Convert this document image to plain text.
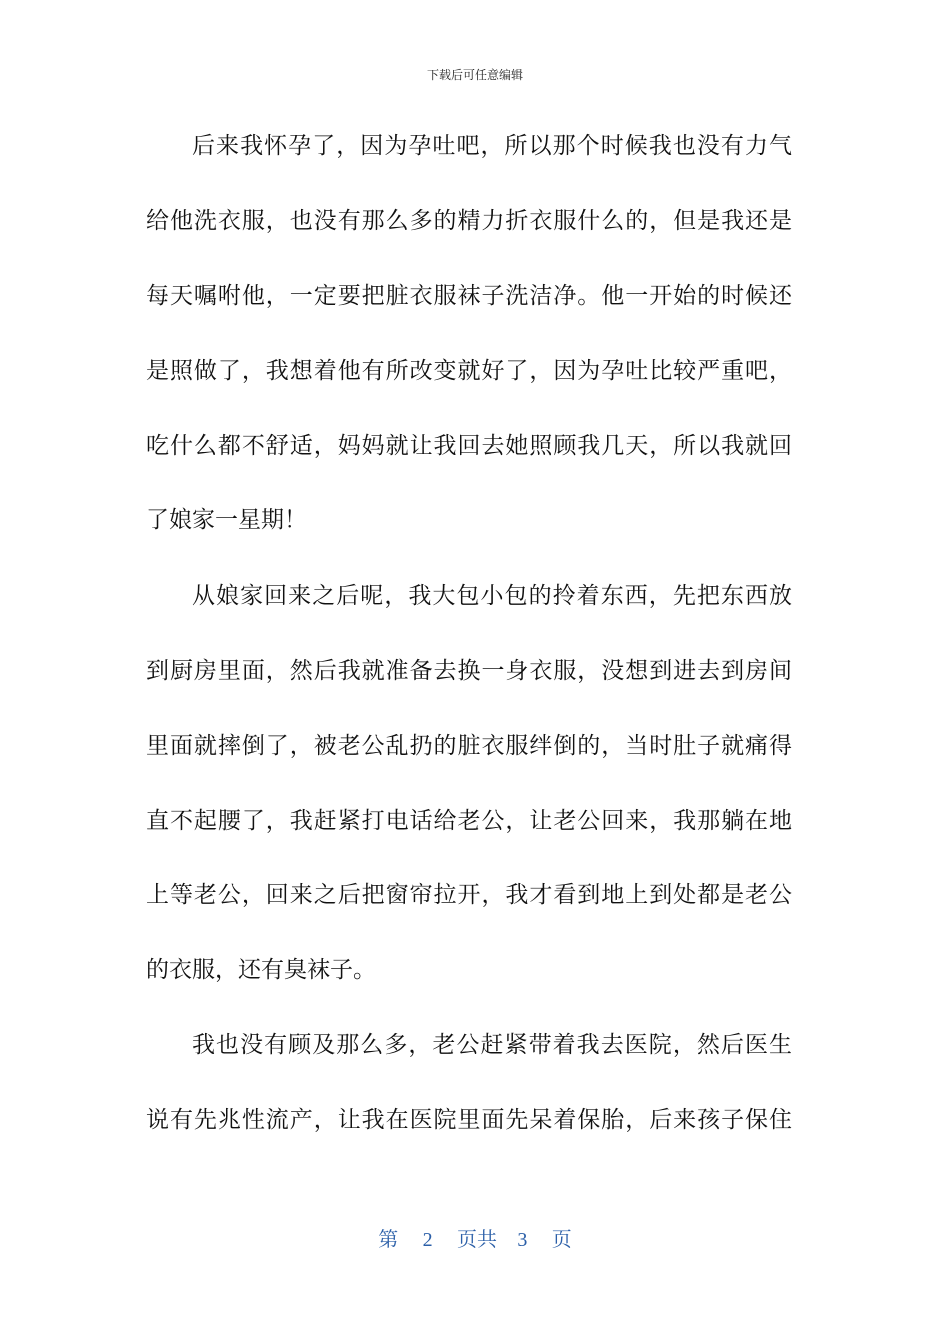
下载后可任意编辑
后来我怀孕了，因为孕吐吧，所以那个时候我也没有力气
给他洗衣服，也没有那么多的精力折衣服什么的，但是我还是
每天嘱咐他，一定要把脏衣服袜子洗洁净。他一开始的时候还
是照做了，我想着他有所改变就好了，因为孕吐比较严重吧，
吃什么都不舒适，妈妈就让我回去她照顾我几天，所以我就回
了娘家一星期！
从娘家回来之后呢，我大包小包的拎着东西，先把东西放
到厨房里面，然后我就准备去换一身衣服，没想到进去到房间
里面就摔倒了，被老公乱扔的脏衣服绊倒的，当时肚子就痛得
直不起腰了，我赶紧打电话给老公，让老公回来，我那躺在地
上等老公，回来之后把窗帘拉开，我才看到地上到处都是老公
的衣服，还有臭袜子。
我也没有顾及那么多，老公赶紧带着我去医院，然后医生
说有先兆性流产，让我在医院里面先呆着保胎，后来孩子保住
第 2 页共 3 页
